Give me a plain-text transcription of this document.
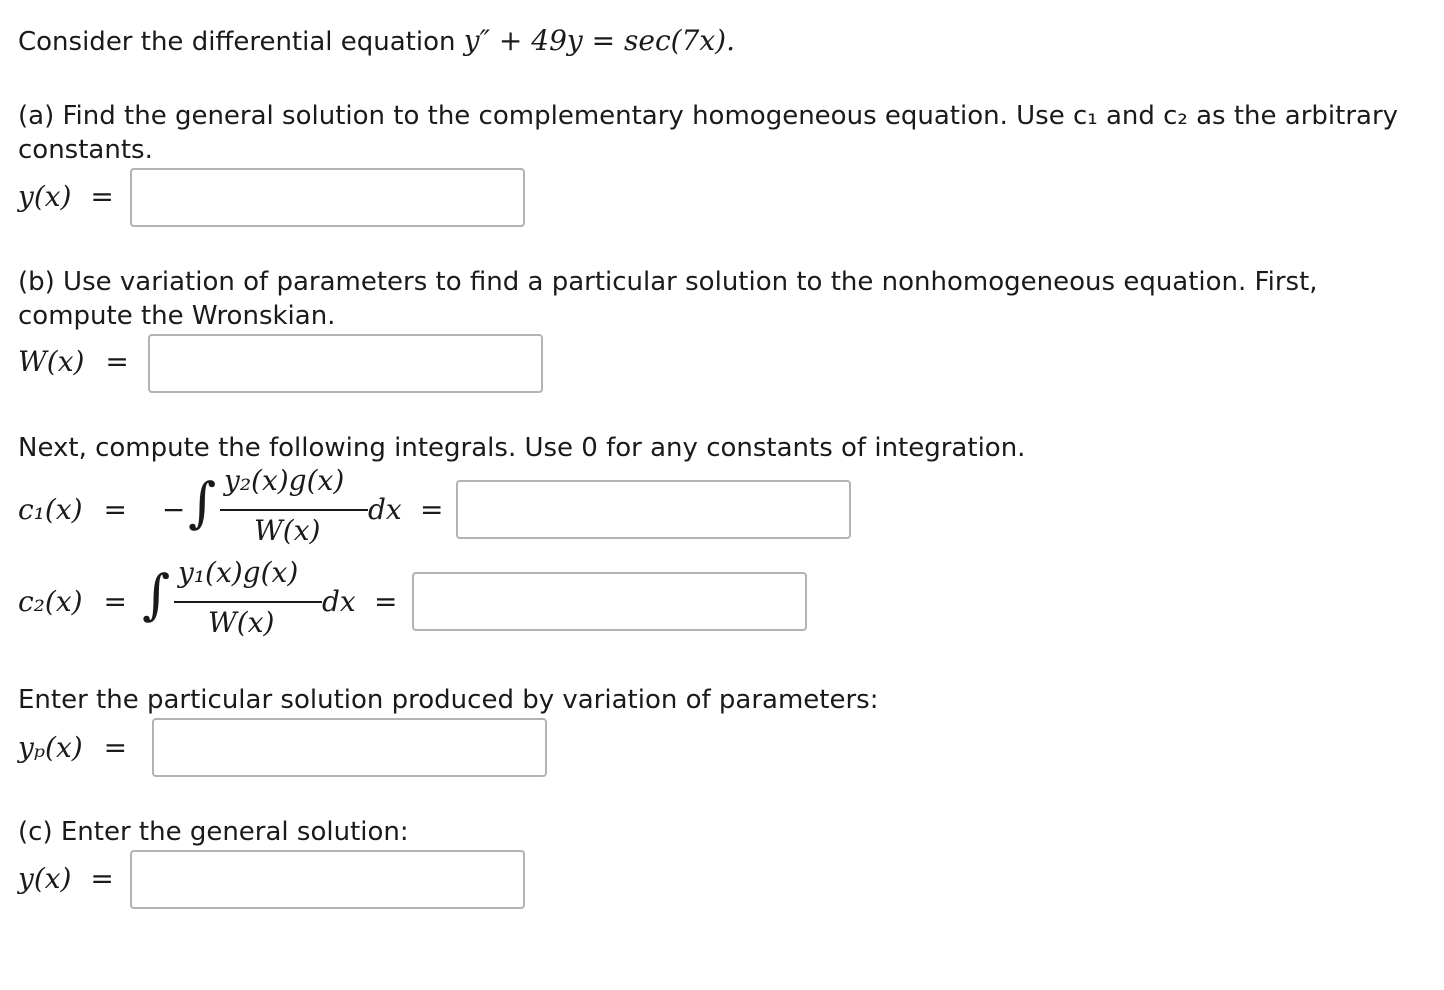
Consider the differential equation y″ + 49y = sec(7x).
(a) Find the general solution to the complementary homogeneous equation. Use c₁ and c₂ as the arbitrary
constants.
y(x) =
(b) Use variation of parameters to find a particular solution to the nonhomogeneous equation. First,
compute the Wronskian.
W(x) =
Next, compute the following integrals. Use 0 for any constants of integration.
c₁(x) = − ∫ y₂(x)g(x)
W(x)
dx =
c₂(x) = ∫ y₁(x)g(x)
W(x)
dx =
Enter the particular solution produced by variation of parameters:
yₚ(x) =
(c) Enter the general solution:
y(x) =
